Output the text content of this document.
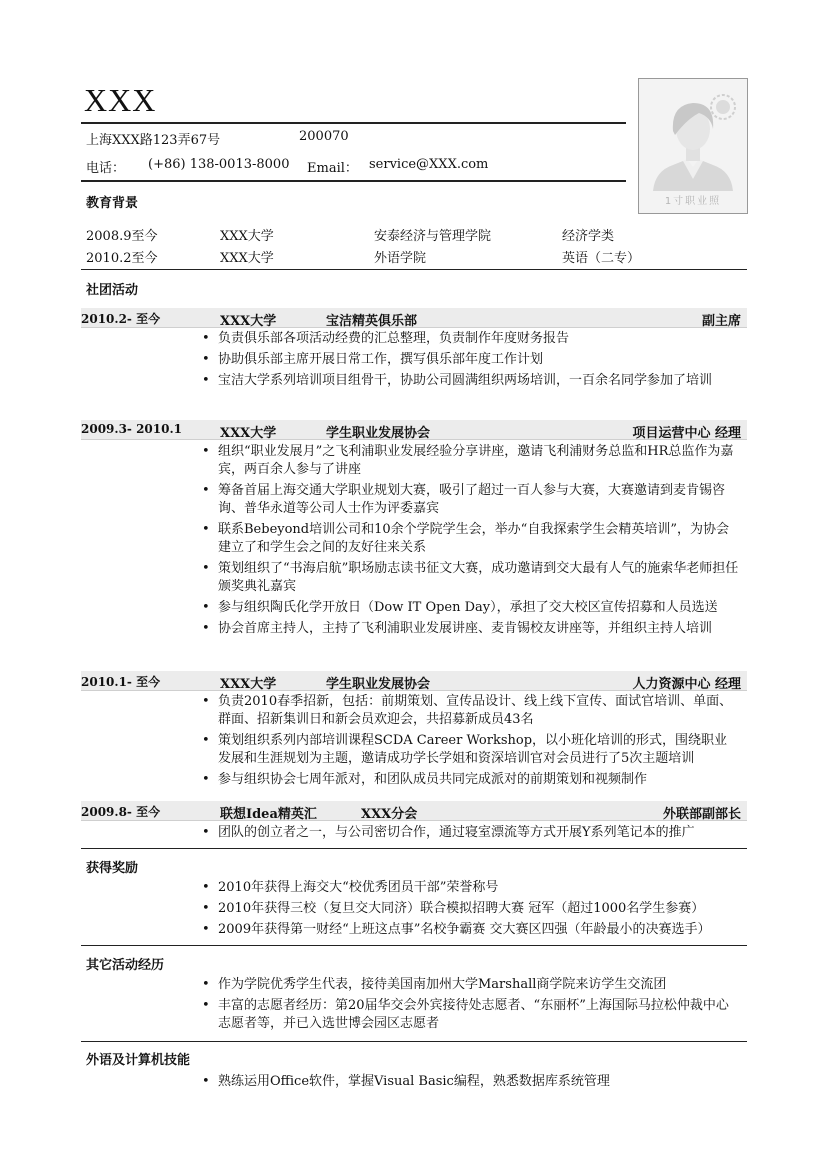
XXX
上海XXX路123弄67号	200070
电话： (+86) 138-0013-8000 Email： service@XXX.com
1寸职业照
教育背景
2008.9至今	XXX大学	安泰经济与管理学院	经济学类
2010.2至今	XXX大学	外语学院	英语（二专）
社团活动
2010.2- 至今	XXX大学	宝洁精英俱乐部	副主席
• 负责俱乐部各项活动经费的汇总整理，负责制作年度财务报告
• 协助俱乐部主席开展日常工作，撰写俱乐部年度工作计划
• 宝洁大学系列培训项目组骨干，协助公司圆满组织两场培训，一百余名同学参加了培训
2009.3- 2010.1	XXX大学	学生职业发展协会	项目运营中心 经理
• 组织“职业发展月”之飞利浦职业发展经验分享讲座，邀请飞利浦财务总监和HR总监作为嘉宾，两百余人参与了讲座
• 筹备首届上海交通大学职业规划大赛，吸引了超过一百人参与大赛，大赛邀请到麦肯锡咨询、普华永道等公司人士作为评委嘉宾
• 联系Bebeyond培训公司和10余个学院学生会，举办“自我探索学生会精英培训”，为协会建立了和学生会之间的友好往来关系
• 策划组织了“书海启航”职场励志读书征文大赛，成功邀请到交大最有人气的施索华老师担任颁奖典礼嘉宾
• 参与组织陶氏化学开放日（Dow IT Open Day），承担了交大校区宣传招募和人员选送
• 协会首席主持人，主持了飞利浦职业发展讲座、麦肯锡校友讲座等，并组织主持人培训
2010.1- 至今	XXX大学	学生职业发展协会	人力资源中心 经理
• 负责2010春季招新，包括：前期策划、宣传品设计、线上线下宣传、面试官培训、单面、群面、招新集训日和新会员欢迎会，共招募新成员43名
• 策划组织系列内部培训课程SCDA Career Workshop，以小班化培训的形式，围绕职业发展和生涯规划为主题，邀请成功学长学姐和资深培训官对会员进行了5次主题培训
• 参与组织协会七周年派对，和团队成员共同完成派对的前期策划和视频制作
2009.8- 至今	联想Idea精英汇	XXX分会	外联部副部长
• 团队的创立者之一，与公司密切合作，通过寝室漂流等方式开展Y系列笔记本的推广
获得奖励
• 2010年获得上海交大“校优秀团员干部”荣誉称号
• 2010年获得三校（复旦交大同济）联合模拟招聘大赛 冠军（超过1000名学生参赛）
• 2009年获得第一财经“上班这点事”名校争霸赛 交大赛区四强（年龄最小的决赛选手）
其它活动经历
• 作为学院优秀学生代表，接待美国南加州大学Marshall商学院来访学生交流团
• 丰富的志愿者经历：第20届华交会外宾接待处志愿者、“东丽杯”上海国际马拉松仲裁中心志愿者等，并已入选世博会园区志愿者
外语及计算机技能
• 熟练运用Office软件，掌握Visual Basic编程，熟悉数据库系统管理
